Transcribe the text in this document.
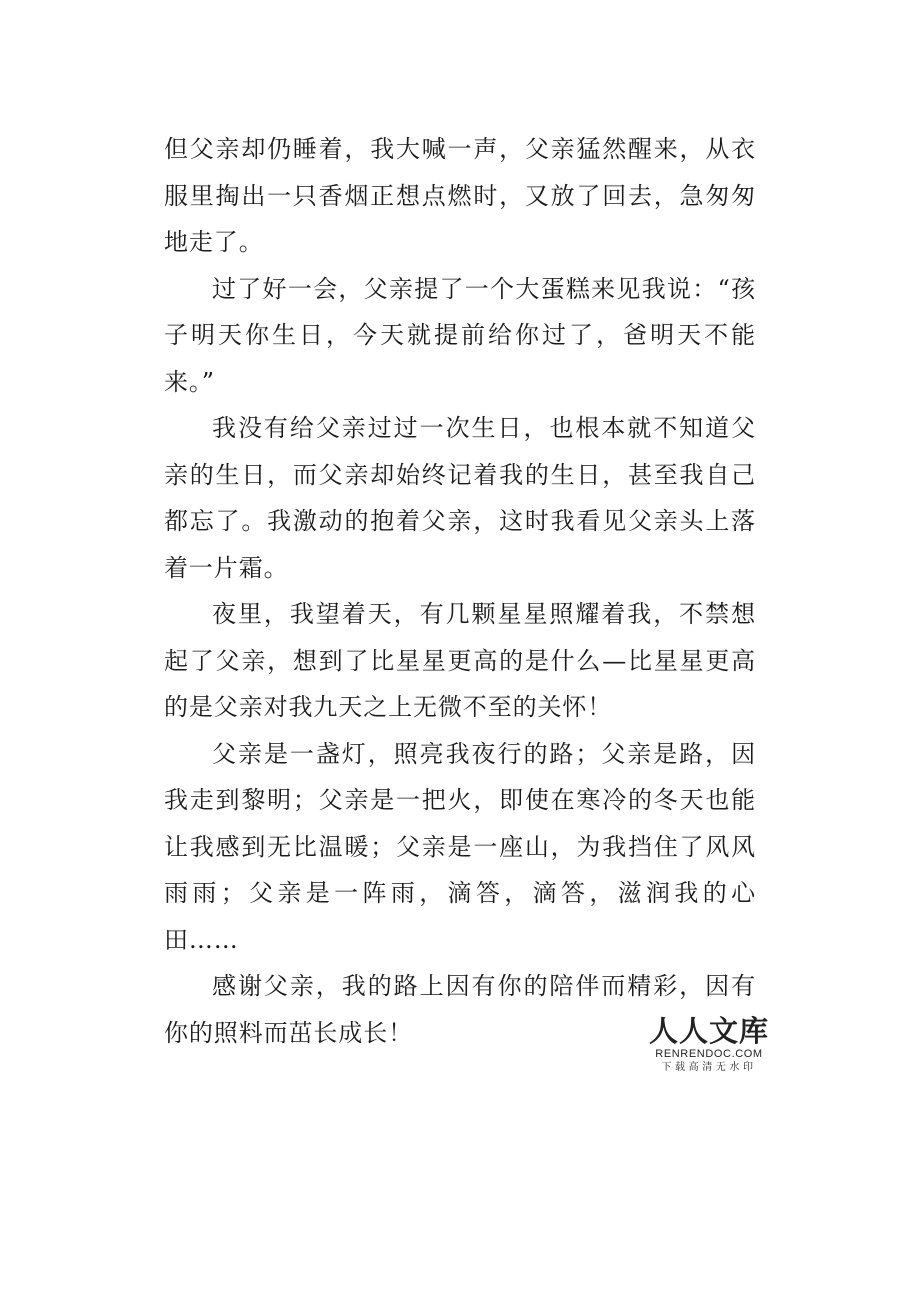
但父亲却仍睡着，我大喊一声，父亲猛然醒来，从衣服里掏出一只香烟正想点燃时，又放了回去，急匆匆地走了。

过了好一会，父亲提了一个大蛋糕来见我说：“孩子明天你生日，今天就提前给你过了，爸明天不能来。”

我没有给父亲过过一次生日，也根本就不知道父亲的生日，而父亲却始终记着我的生日，甚至我自己都忘了。我激动的抱着父亲，这时我看见父亲头上落着一片霜。

夜里，我望着天，有几颗星星照耀着我，不禁想起了父亲，想到了比星星更高的是什么—比星星更高的是父亲对我九天之上无微不至的关怀！

父亲是一盏灯，照亮我夜行的路；父亲是路，因我走到黎明；父亲是一把火，即使在寒冷的冬天也能让我感到无比温暖；父亲是一座山，为我挡住了风风雨雨；父亲是一阵雨，滴答，滴答，滋润我的心田……

感谢父亲，我的路上因有你的陪伴而精彩，因有你的照料而茁长成长！	人人文库
RENRENDOC.COM
下载高清无水印
